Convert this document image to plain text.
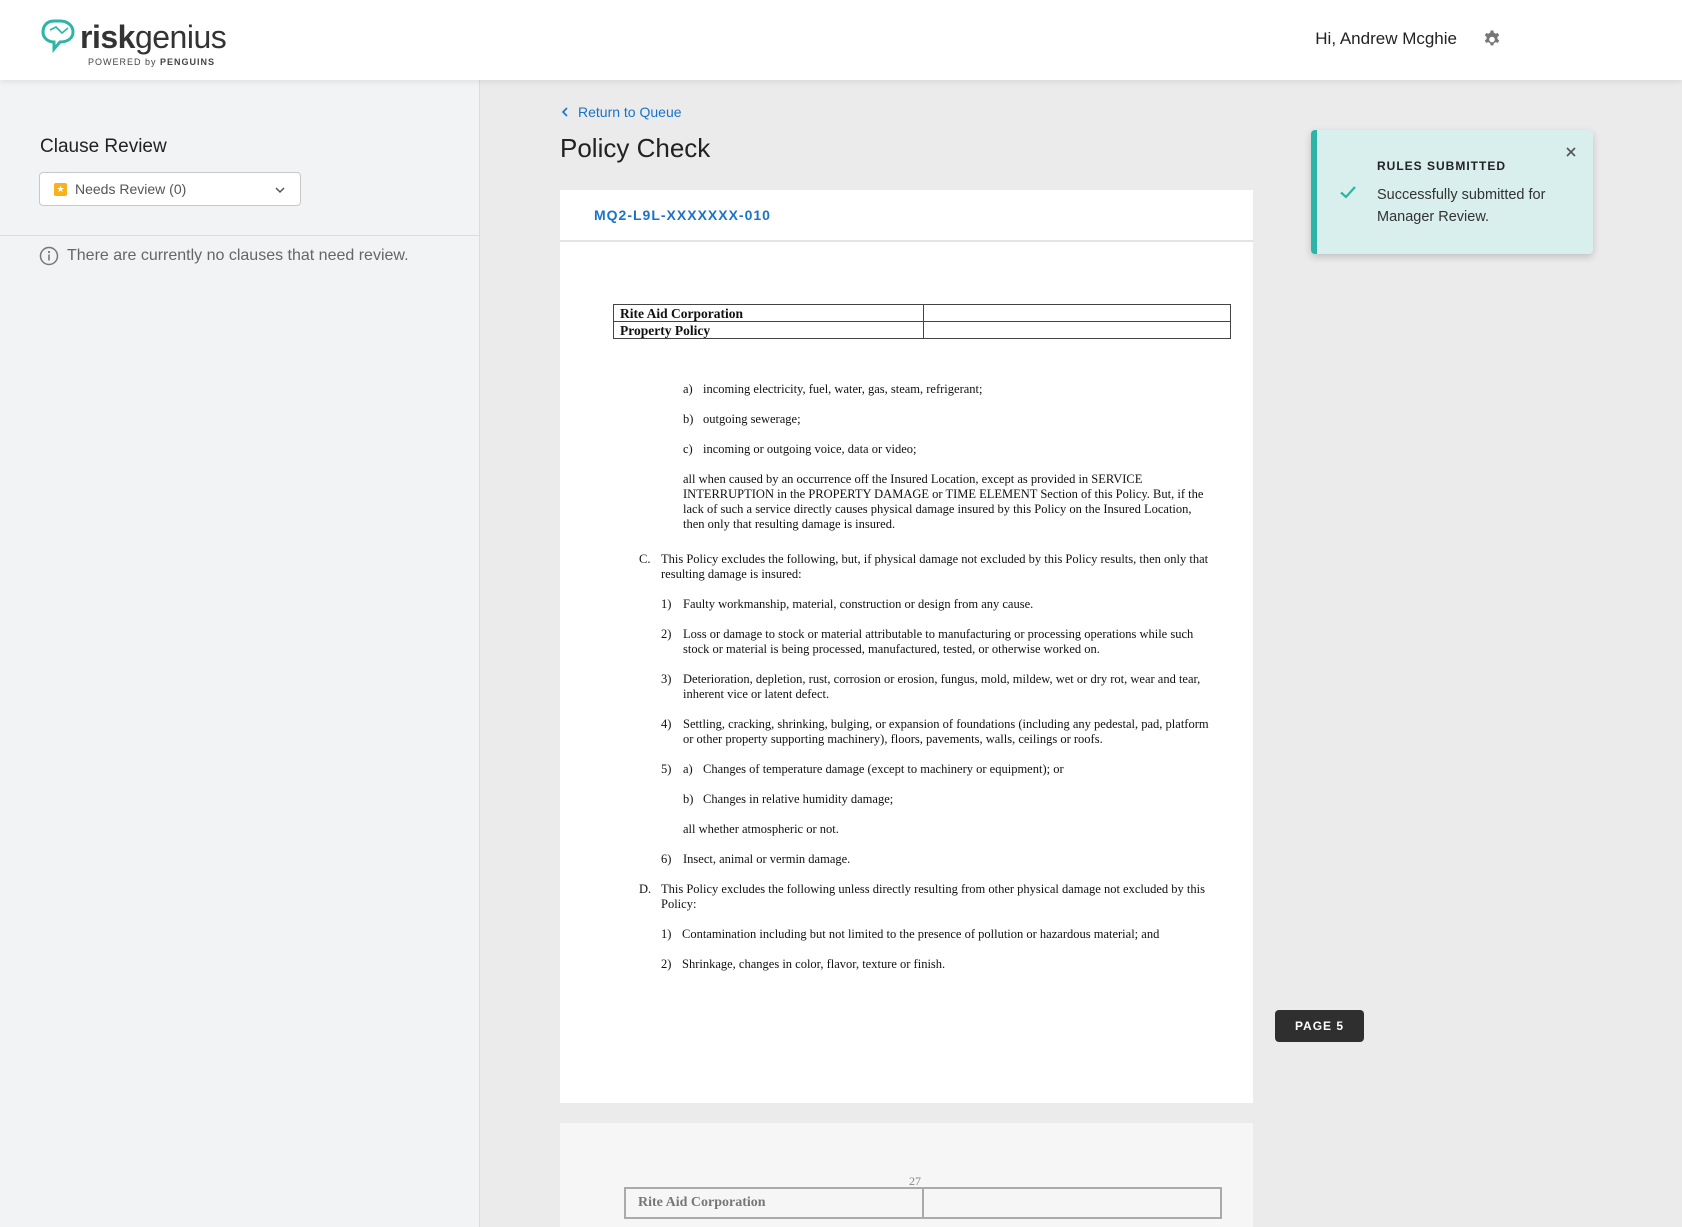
riskgenius
POWERED by PENGUINS
Hi, Andrew Mcghie
Clause Review
★ Needs Review (0)
There are currently no clauses that need review.
Return to Queue
Policy Check
MQ2-L9L-XXXXXXX-010
Rite Aid Corporation	
Property Policy	
a) incoming electricity, fuel, water, gas, steam, refrigerant;
b) outgoing sewerage;
c) incoming or outgoing voice, data or video;
all when caused by an occurrence off the Insured Location, except as provided in SERVICE INTERRUPTION in the PROPERTY DAMAGE or TIME ELEMENT Section of this Policy. But, if the lack of such a service directly causes physical damage insured by this Policy on the Insured Location, then only that resulting damage is insured.
C. This Policy excludes the following, but, if physical damage not excluded by this Policy results, then only that resulting damage is insured:
1) Faulty workmanship, material, construction or design from any cause.
2) Loss or damage to stock or material attributable to manufacturing or processing operations while such stock or material is being processed, manufactured, tested, or otherwise worked on.
3) Deterioration, depletion, rust, corrosion or erosion, fungus, mold, mildew, wet or dry rot, wear and tear, inherent vice or latent defect.
4) Settling, cracking, shrinking, bulging, or expansion of foundations (including any pedestal, pad, platform or other property supporting machinery), floors, pavements, walls, ceilings or roofs.
5) a) Changes of temperature damage (except to machinery or equipment); or
b) Changes in relative humidity damage;
all whether atmospheric or not.
6) Insect, animal or vermin damage.
D. This Policy excludes the following unless directly resulting from other physical damage not excluded by this Policy:
1) Contamination including but not limited to the presence of pollution or hazardous material; and
2) Shrinkage, changes in color, flavor, texture or finish.
PAGE 5
27
Rite Aid Corporation	
RULES SUBMITTED
Successfully submitted for Manager Review.
